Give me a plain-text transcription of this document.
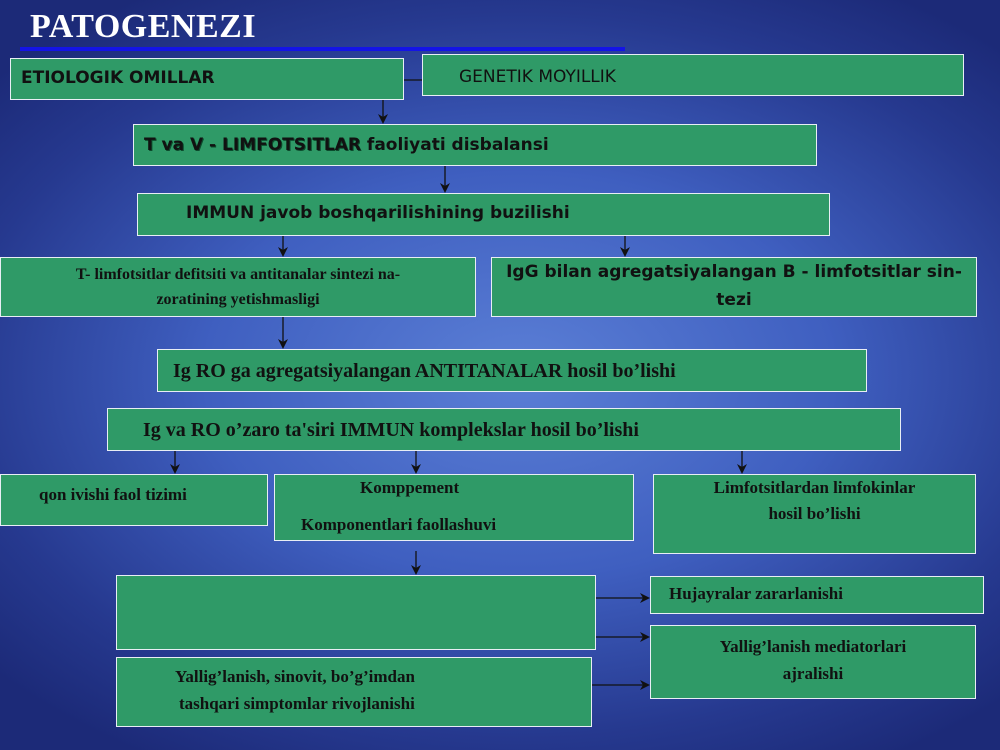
PATOGENEZI
ETIOLOGIK OMILLAR	GENETIK MOYILLIK
T va V - LIMFOTSITLAR faoliyati disbalansi
IMMUN javob boshqarilishining buzilishi
T- limfotsitlar defitsiti va antitanalar sintezi na-
zoratining yetishmasligi
IgG bilan agregatsiyalangan B - limfotsitlar sin-
tezi
Ig RO ga agregatsiyalangan ANTITANALAR hosil bo’lishi
Ig va RO o’zaro ta'siri IMMUN komplekslar hosil bo’lishi
qon ivishi faol tizimi	Komppement
Komponentlari faollashuvi
Limfotsitlardan limfokinlar
hosil bo’lishi
Hujayralar zararlanishi
Yallig’lanish mediatorlari
ajralishi
Yallig’lanish, sinovit, bo’g’imdan
tashqari simptomlar rivojlanishi
